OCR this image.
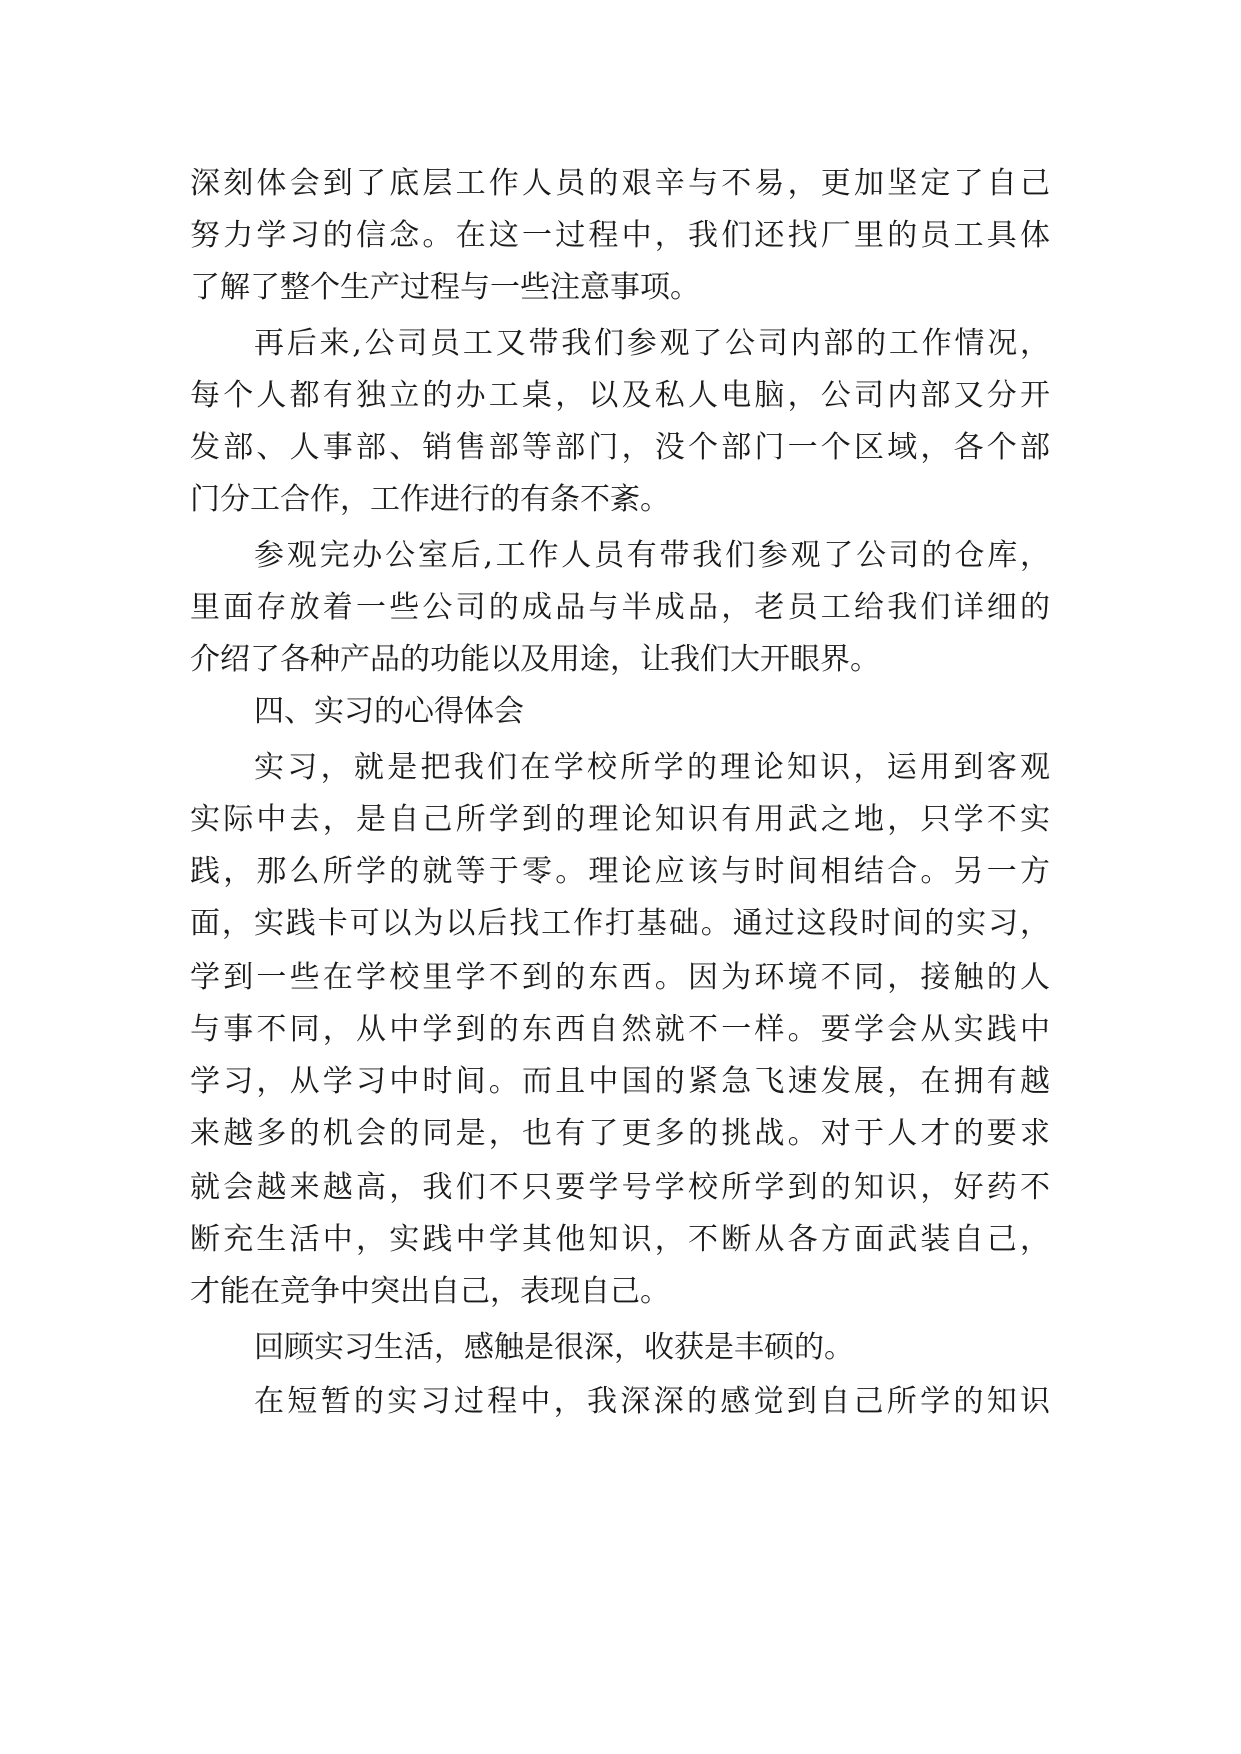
深刻体会到了底层工作人员的艰辛与不易，更加坚定了自己
努力学习的信念。在这一过程中，我们还找厂里的员工具体
了解了整个生产过程与一些注意事项。
再后来,公司员工又带我们参观了公司内部的工作情况，
每个人都有独立的办工桌，以及私人电脑，公司内部又分开
发部、人事部、销售部等部门，没个部门一个区域，各个部
门分工合作，工作进行的有条不紊。
参观完办公室后,工作人员有带我们参观了公司的仓库，
里面存放着一些公司的成品与半成品，老员工给我们详细的
介绍了各种产品的功能以及用途，让我们大开眼界。
四、实习的心得体会
实习，就是把我们在学校所学的理论知识，运用到客观
实际中去，是自己所学到的理论知识有用武之地，只学不实
践，那么所学的就等于零。理论应该与时间相结合。另一方
面，实践卡可以为以后找工作打基础。通过这段时间的实习，
学到一些在学校里学不到的东西。因为环境不同，接触的人
与事不同，从中学到的东西自然就不一样。要学会从实践中
学习，从学习中时间。而且中国的紧急飞速发展，在拥有越
来越多的机会的同是，也有了更多的挑战。对于人才的要求
就会越来越高，我们不只要学号学校所学到的知识，好药不
断充生活中，实践中学其他知识，不断从各方面武装自己，
才能在竞争中突出自己，表现自己。
回顾实习生活，感触是很深，收获是丰硕的。
在短暂的实习过程中，我深深的感觉到自己所学的知识
